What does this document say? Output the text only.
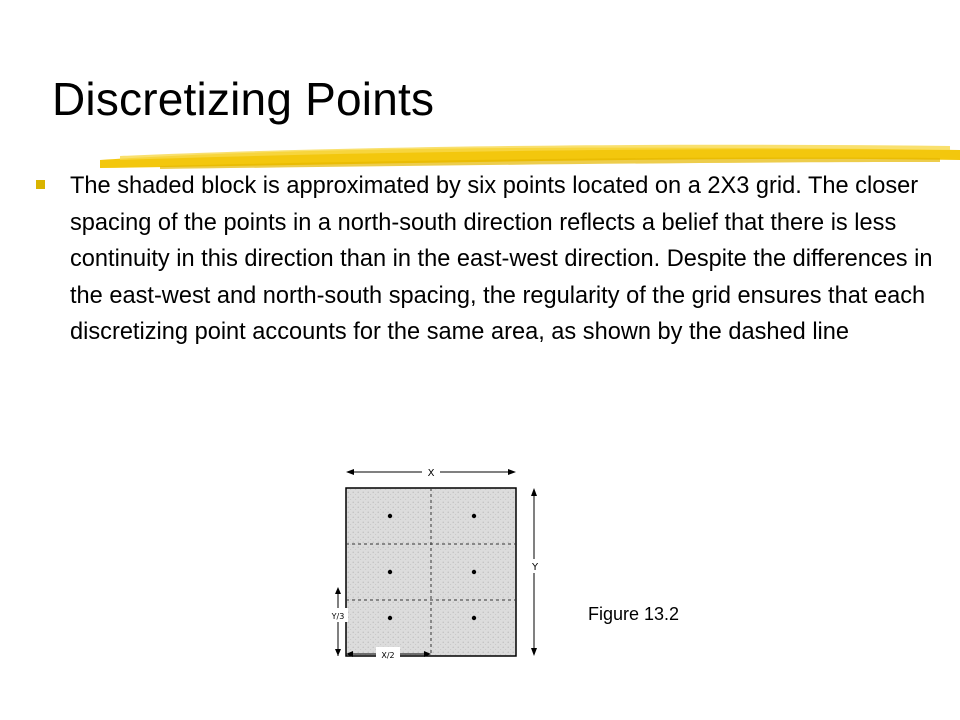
Discretizing Points
The shaded block is approximated by six points located on a 2X3 grid. The closer spacing of the points in a north-south direction reflects a belief that there is less continuity in this direction than in the east-west direction. Despite the differences in the east-west and north-south spacing, the regularity of the grid ensures that each discretizing point accounts for the same area, as shown by the dashed line
X
Y
Y/3
X/2
Figure 13.2
